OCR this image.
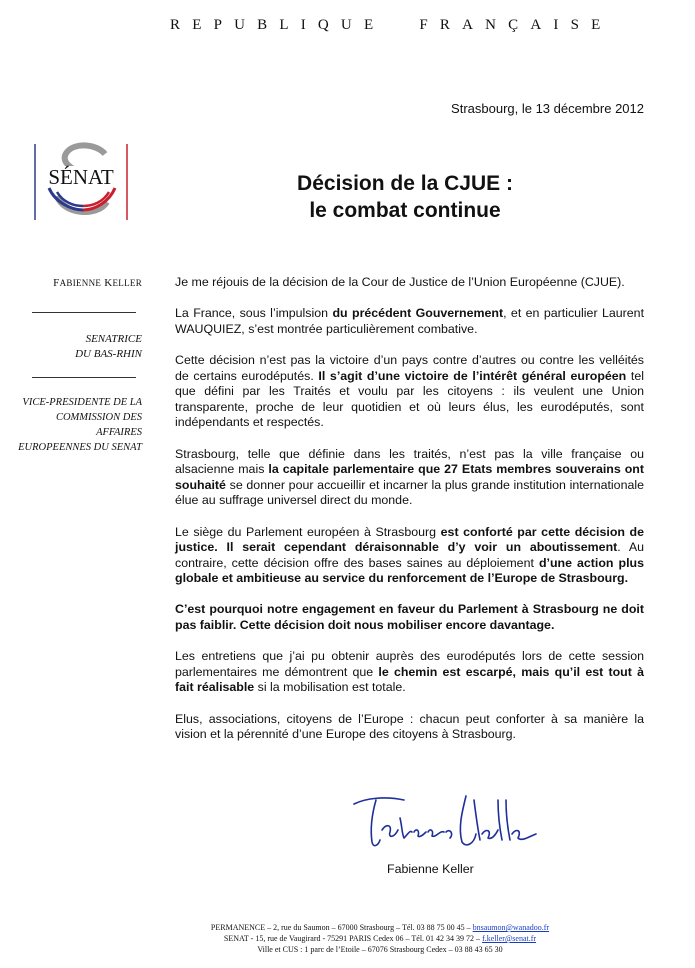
REPUBLIQUE FRANÇAISE
Strasbourg, le 13 décembre 2012
SÉNAT	Décision de la CJUE :
le combat continue
FABIENNE KELLER
SENATRICE
DU BAS-RHIN
VICE-PRESIDENTE DE LA
COMMISSION DES AFFAIRES
EUROPEENNES DU SENAT

Je me réjouis de la décision de la Cour de Justice de l’Union Européenne (CJUE).

La France, sous l’impulsion du précédent Gouvernement, et en particulier Laurent WAUQUIEZ, s’est montrée particulièrement combative.

Cette décision n’est pas la victoire d’un pays contre d’autres ou contre les velléités de certains eurodéputés. Il s’agit d’une victoire de l’intérêt général européen tel que défini par les Traités et voulu par les citoyens : ils veulent une Union transparente, proche de leur quotidien et où leurs élus, les eurodéputés, sont indépendants et respectés.

Strasbourg, telle que définie dans les traités, n’est pas la ville française ou alsacienne mais la capitale parlementaire que 27 Etats membres souverains ont souhaité se donner pour accueillir et incarner la plus grande institution internationale élue au suffrage universel direct du monde.

Le siège du Parlement européen à Strasbourg est conforté par cette décision de justice. Il serait cependant déraisonnable d’y voir un aboutissement. Au contraire, cette décision offre des bases saines au déploiement d’une action plus globale et ambitieuse au service du renforcement de l’Europe de Strasbourg.

C’est pourquoi notre engagement en faveur du Parlement à Strasbourg ne doit pas faiblir. Cette décision doit nous mobiliser encore davantage.

Les entretiens que j’ai pu obtenir auprès des eurodéputés lors de cette session parlementaires me démontrent que le chemin est escarpé, mais qu’il est tout à fait réalisable si la mobilisation est totale.

Elus, associations, citoyens de l’Europe : chacun peut conforter à sa manière la vision et la pérennité d’une Europe des citoyens à Strasbourg.

Fabienne Keller
PERMANENCE – 2, rue du Saumon – 67000 Strasbourg – Tél. 03 88 75 00 45 – bnsaumon@wanadoo.fr
SENAT - 15, rue de Vaugirard - 75291 PARIS Cedex 06 – Tél. 01 42 34 39 72 – f.keller@senat.fr
Ville et CUS : 1 parc de l’Etoile – 67076 Strasbourg Cedex – 03 88 43 65 30
